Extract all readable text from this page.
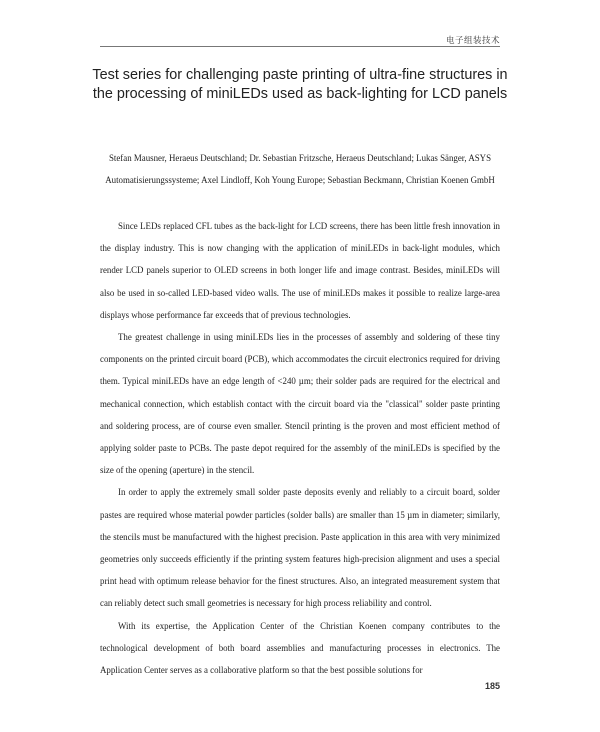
电子组装技术
Test series for challenging paste printing of ultra-fine structures in the processing of miniLEDs used as back-lighting for LCD panels
Stefan Mausner, Heraeus Deutschland; Dr. Sebastian Fritzsche, Heraeus Deutschland; Lukas Sänger, ASYS Automatisierungssysteme; Axel Lindloff, Koh Young Europe; Sebastian Beckmann, Christian Koenen GmbH

Since LEDs replaced CFL tubes as the back-light for LCD screens, there has been little fresh innovation in the display industry. This is now changing with the application of miniLEDs in back-light modules, which render LCD panels superior to OLED screens in both longer life and image contrast. Besides, miniLEDs will also be used in so-called LED-based video walls. The use of miniLEDs makes it possible to realize large-area displays whose performance far exceeds that of previous technologies.

The greatest challenge in using miniLEDs lies in the processes of assembly and soldering of these tiny components on the printed circuit board (PCB), which accommodates the circuit electronics required for driving them. Typical miniLEDs have an edge length of <240 µm; their solder pads are required for the electrical and mechanical connection, which establish contact with the circuit board via the "classical" solder paste printing and soldering process, are of course even smaller. Stencil printing is the proven and most efficient method of applying solder paste to PCBs. The paste depot required for the assembly of the miniLEDs is specified by the size of the opening (aperture) in the stencil.

In order to apply the extremely small solder paste deposits evenly and reliably to a circuit board, solder pastes are required whose material powder particles (solder balls) are smaller than 15 µm in diameter; similarly, the stencils must be manufactured with the highest precision. Paste application in this area with very minimized geometries only succeeds efficiently if the printing system features high-precision alignment and uses a special print head with optimum release behavior for the finest structures. Also, an integrated measurement system that can reliably detect such small geometries is necessary for high process reliability and control.

With its expertise, the Application Center of the Christian Koenen company contributes to the technological development of both board assemblies and manufacturing processes in electronics. The Application Center serves as a collaborative platform so that the best possible solutions for

185
